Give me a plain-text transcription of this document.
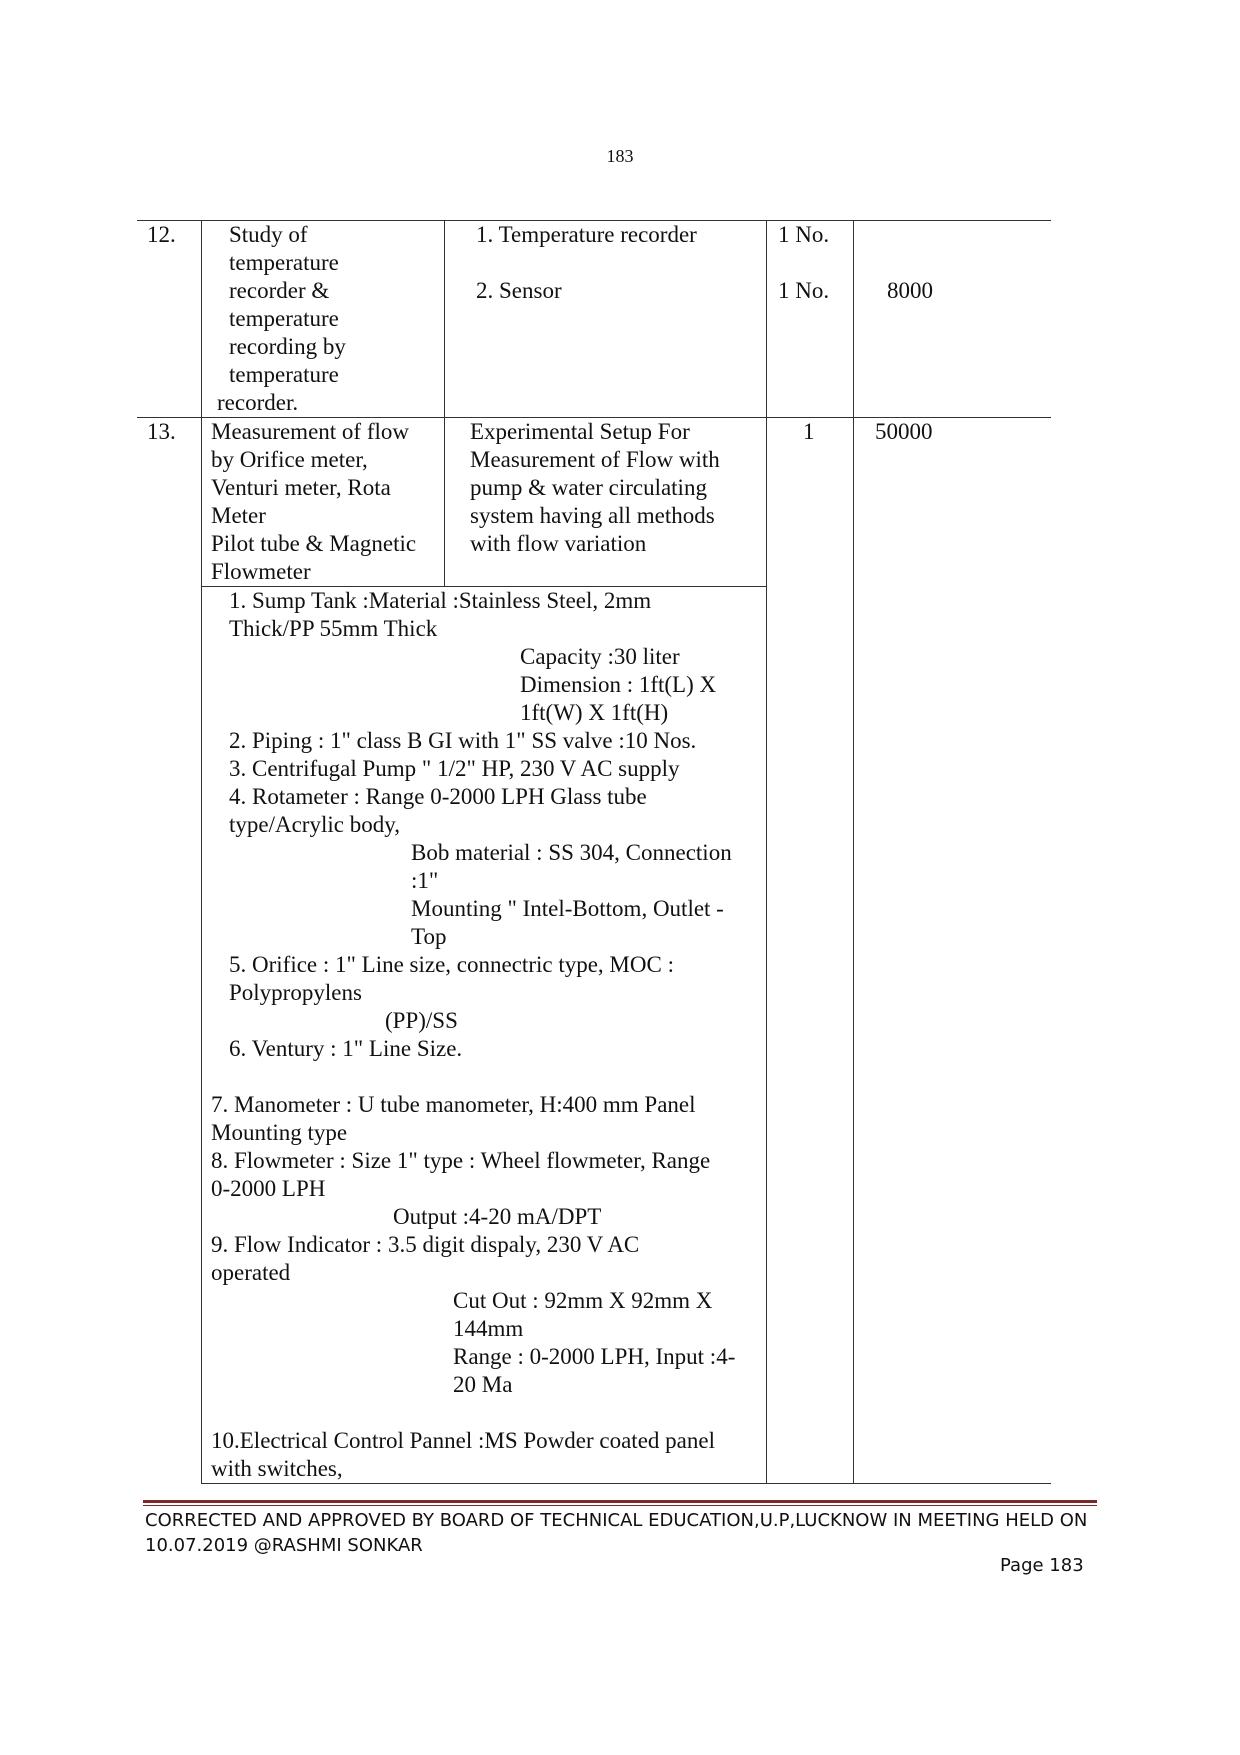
183
12. Study of
temperature
recorder &
temperature
recording by
temperature
recorder.
1. Temperature recorder
2. Sensor
1 No.
1 No.	8000
13. Measurement of flow
by Orifice meter,
Venturi meter, Rota
Meter
Pilot tube & Magnetic
Flowmeter
Experimental Setup For
Measurement of Flow with
pump & water circulating
system having all methods
with flow variation
1	50000
1. Sump Tank :Material :Stainless Steel, 2mm
Thick/PP 55mm Thick
Capacity :30 liter
Dimension : 1ft(L) X
1ft(W) X 1ft(H)
2. Piping : 1" class B GI with 1" SS valve :10 Nos.
3. Centrifugal Pump " 1/2" HP, 230 V AC supply
4. Rotameter : Range 0-2000 LPH Glass tube
type/Acrylic body,
Bob material : SS 304, Connection
:1"
Mounting " Intel-Bottom, Outlet -
Top
5. Orifice : 1" Line size, connectric type, MOC :
Polypropylens
(PP)/SS
6. Ventury : 1" Line Size.
7. Manometer : U tube manometer, H:400 mm Panel
Mounting type
8. Flowmeter : Size 1" type : Wheel flowmeter, Range
0-2000 LPH
Output :4-20 mA/DPT
9. Flow Indicator : 3.5 digit dispaly, 230 V AC
operated
Cut Out : 92mm X 92mm X
144mm
Range : 0-2000 LPH, Input :4-
20 Ma
10.Electrical Control Pannel :MS Powder coated panel
with switches,
CORRECTED AND APPROVED BY BOARD OF TECHNICAL EDUCATION,U.P,LUCKNOW IN MEETING HELD ON
10.07.2019 @RASHMI SONKAR
Page 183
